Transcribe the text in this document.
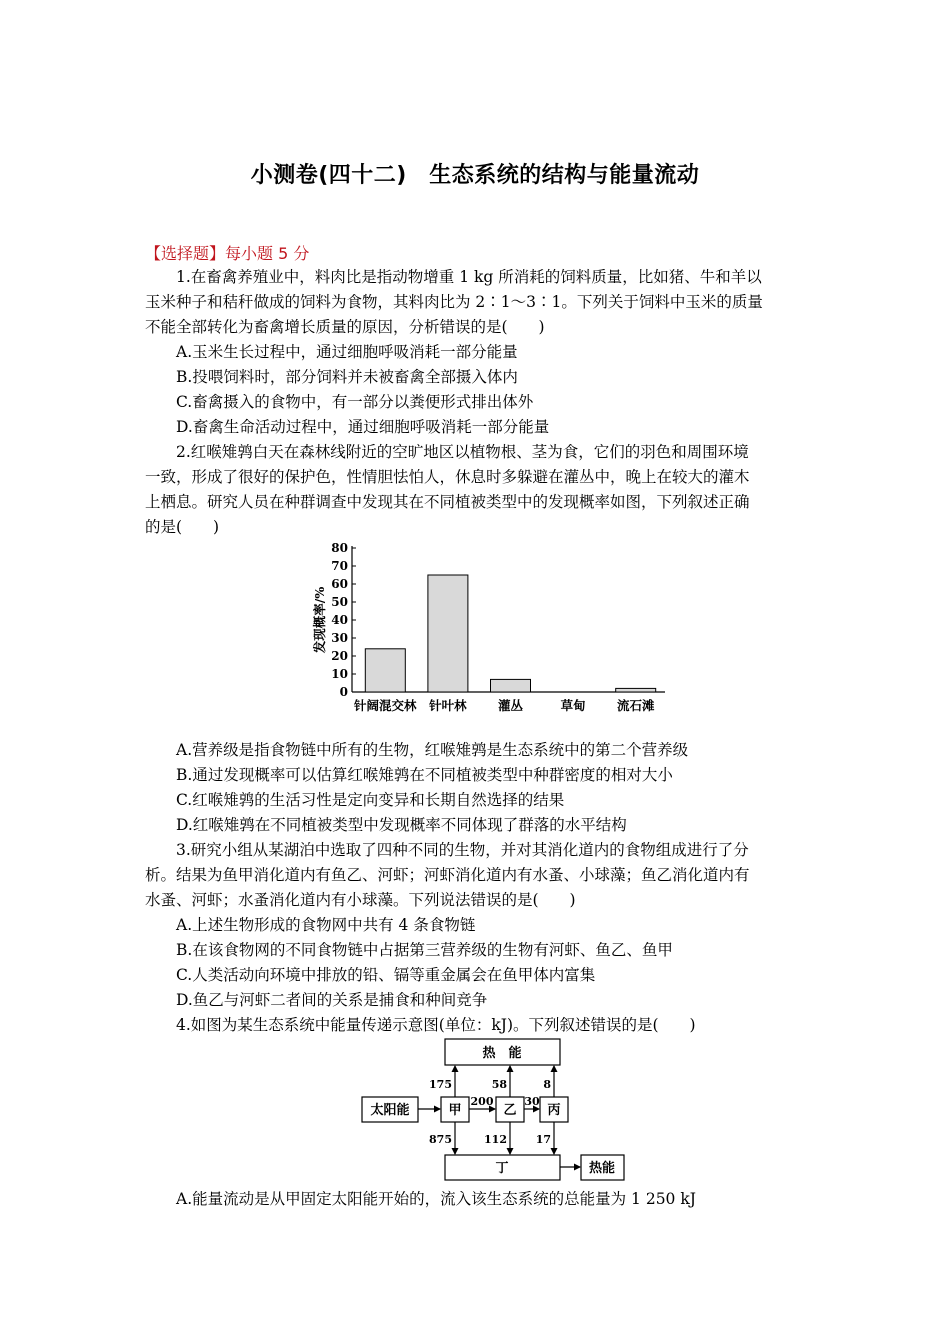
小测卷(四十二)　生态系统的结构与能量流动
【选择题】每小题 5 分
1.在畜禽养殖业中，料肉比是指动物增重 1 kg 所消耗的饲料质量，比如猪、牛和羊以
玉米种子和秸秆做成的饲料为食物，其料肉比为 2∶1～3∶1。下列关于饲料中玉米的质量
不能全部转化为畜禽增长质量的原因，分析错误的是(　　)
A.玉米生长过程中，通过细胞呼吸消耗一部分能量
B.投喂饲料时，部分饲料并未被畜禽全部摄入体内
C.畜禽摄入的食物中，有一部分以粪便形式排出体外
D.畜禽生命活动过程中，通过细胞呼吸消耗一部分能量
2.红喉雉鹑白天在森林线附近的空旷地区以植物根、茎为食，它们的羽色和周围环境
一致，形成了很好的保护色，性情胆怯怕人，休息时多躲避在灌丛中，晚上在较大的灌木
上栖息。研究人员在种群调查中发现其在不同植被类型中的发现概率如图，下列叙述正确
的是(　　)
0
10
20
30
40
50
60
70
80
针阔混交林 针叶林	灌丛	草甸	流石滩
发现概率/%
A.营养级是指食物链中所有的生物，红喉雉鹑是生态系统中的第二个营养级
B.通过发现概率可以估算红喉雉鹑在不同植被类型中种群密度的相对大小
C.红喉雉鹑的生活习性是定向变异和长期自然选择的结果
D.红喉雉鹑在不同植被类型中发现概率不同体现了群落的水平结构
3.研究小组从某湖泊中选取了四种不同的生物，并对其消化道内的食物组成进行了分
析。结果为鱼甲消化道内有鱼乙、河虾；河虾消化道内有水蚤、小球藻；鱼乙消化道内有
水蚤、河虾；水蚤消化道内有小球藻。下列说法错误的是(　　)
A.上述生物形成的食物网中共有 4 条食物链
B.在该食物网的不同食物链中占据第三营养级的生物有河虾、鱼乙、鱼甲
C.人类活动向环境中排放的铅、镉等重金属会在鱼甲体内富集
D.鱼乙与河虾二者间的关系是捕食和种间竞争
4.如图为某生态系统中能量传递示意图(单位：kJ)。下列叙述错误的是(　　)
热　能
太阳能	甲	乙 丙
丁	热能
175	58	8
200	30
875	112	17
A.能量流动是从甲固定太阳能开始的，流入该生态系统的总能量为 1 250 kJ
